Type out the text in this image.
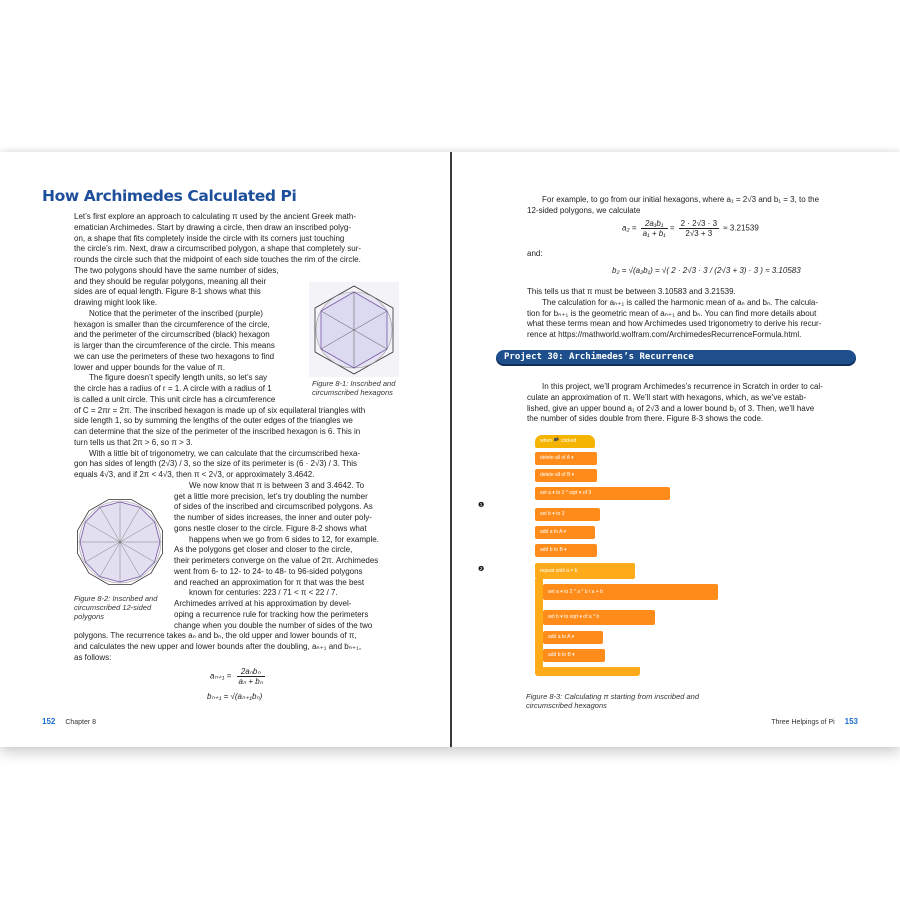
How Archimedes Calculated Pi
Let’s first explore an approach to calculating π used by the ancient Greek math-
ematician Archimedes. Start by drawing a circle, then draw an inscribed polyg-
on, a shape that fits completely inside the circle with its corners just touching
the circle’s rim. Next, draw a circumscribed polygon, a shape that completely sur-
rounds the circle such that the midpoint of each side touches the rim of the circle.
The two polygons should have the same number of sides,
and they should be regular polygons, meaning all their
sides are of equal length. Figure 8-1 shows what this
drawing might look like.
Notice that the perimeter of the inscribed (purple)
hexagon is smaller than the circumference of the circle,
and the perimeter of the circumscribed (black) hexagon
is larger than the circumference of the circle. This means
we can use the perimeters of these two hexagons to find
lower and upper bounds for the value of π.
The figure doesn’t specify length units, so let’s say
the circle has a radius of r = 1. A circle with a radius of 1
is called a unit circle. This unit circle has a circumference
of C = 2πr = 2π. The inscribed hexagon is made up of six equilateral triangles with
side length 1, so by summing the lengths of the outer edges of the triangles we
can determine that the size of the perimeter of the inscribed hexagon is 6. This in
turn tells us that 2π > 6, so π > 3.
With a little bit of trigonometry, we can calculate that the circumscribed hexa-
gon has sides of length (2√3) / 3, so the size of its perimeter is (6 · 2√3) / 3. This
equals 4√3, and if 2π < 4√3, then π < 2√3, or approximately 3.4642.
We now know that π is between 3 and 3.4642. To
get a little more precision, let’s try doubling the number
of sides of the inscribed and circumscribed polygons. As
the number of sides increases, the inner and outer poly-
gons nestle closer to the circle. Figure 8-2 shows what
happens when we go from 6 sides to 12, for example.
As the polygons get closer and closer to the circle,
their perimeters converge on the value of 2π. Archimedes
went from 6- to 12- to 24- to 48- to 96-sided polygons
and reached an approximation for π that was the best
known for centuries: 223 / 71 < π < 22 / 7.
Archimedes arrived at his approximation by devel-
oping a recurrence rule for tracking how the perimeters
change when you double the number of sides of the two
polygons. The recurrence takes aₙ and bₙ, the old upper and lower bounds of π,
and calculates the new upper and lower bounds after the doubling, aₙ₊₁ and bₙ₊₁,
as follows:
Figure 8-1: Inscribed and
circumscribed hexagons
Figure 8-2: Inscribed and
circumscribed 12-sided
polygons
aₙ₊₁ =
2aₙbₙ
aₙ + bₙ
bₙ₊₁ = √(aₙ₊₁bₙ)
152 Chapter 8
For example, to go from our initial hexagons, where a₁ = 2√3 and b₁ = 3, to the
12-sided polygons, we calculate
$a_2 = \frac{\text{2a₁b₁}}{\text{a₁ + b₁}} = \frac{2 \cdot 2√3 \cdot 3}{2√3 + 3} \approx 3.21539$
and:
b₂ = √(a₂b₁) = √( 2 · 2√3 · 3 / (2√3 + 3) · 3 ) ≈ 3.10583
This tells us that π must be between 3.10583 and 3.21539.
The calculation for aₙ₊₁ is called the harmonic mean of aₙ and bₙ. The calcula-
tion for bₙ₊₁ is the geometric mean of aₙ₊₁ and bₙ. You can find more details about
what these terms mean and how Archimedes used trigonometry to derive his recur-
rence at https://mathworld.wolfram.com/ArchimedesRecurrenceFormula.html.
Project 30: Archimedes’s Recurrence
In this project, we’ll program Archimedes’s recurrence in Scratch in order to cal-
culate an approximation of π. We’ll start with hexagons, which, as we’ve estab-
lished, give an upper bound a₁ of 2√3 and a lower bound b₁ of 3. Then, we’ll have
the number of sides double from there. Figure 8-3 shows the code.
when 🏴 clicked
delete all of A ▾
delete all of B ▾
set a ▾ to 2 * sqrt ▾ of 3
set b ▾ to 3
add a to A ▾
add b to B ▾
repeat until a = b
set a ▾ to 2 * a * b / a + b
set b ▾ to sqrt ▾ of a * b
add a to A ▾
add b to B ▾
❶
❷
Figure 8-3: Calculating π starting from inscribed and
circumscribed hexagons
Three Helpings of Pi 153
